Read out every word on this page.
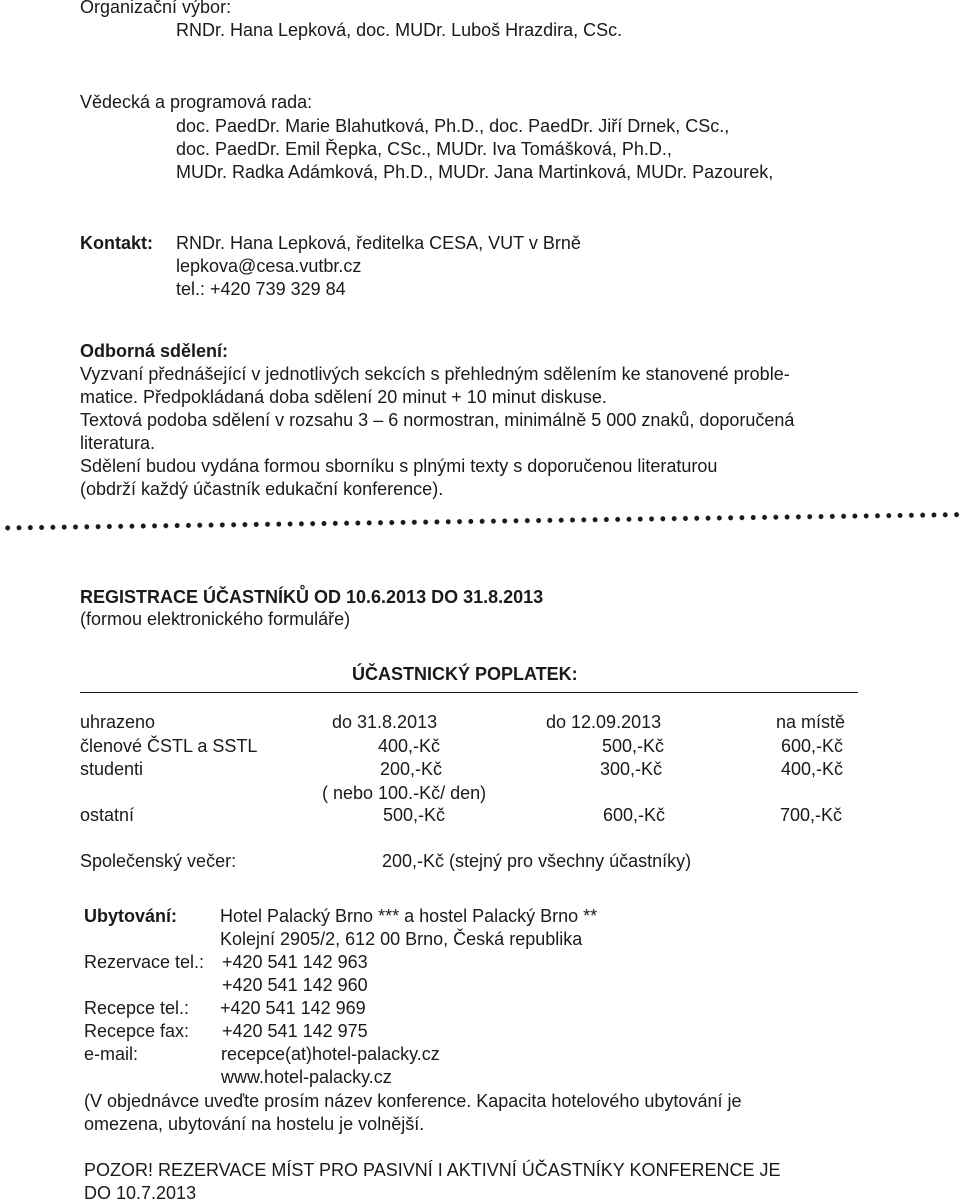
Organizační výbor:
RNDr. Hana Lepková, doc. MUDr. Luboš Hrazdira, CSc.
Vědecká a programová rada:
doc. PaedDr. Marie Blahutková, Ph.D., doc. PaedDr. Jiří Drnek, CSc.,
doc. PaedDr. Emil Řepka, CSc., MUDr. Iva Tomášková, Ph.D.,
MUDr. Radka Adámková, Ph.D., MUDr. Jana Martinková, MUDr. Pazourek,
Kontakt: RNDr. Hana Lepková, ředitelka CESA, VUT v Brně
lepkova@cesa.vutbr.cz
tel.: +420 739 329 84
Odborná sdělení:
Vyzvaní přednášející v jednotlivých sekcích s přehledným sdělením ke stanovené proble-
matice. Předpokládaná doba sdělení 20 minut + 10 minut diskuse.
Textová podoba sdělení v rozsahu 3 – 6 normostran, minimálně 5 000 znaků, doporučená
literatura.
Sdělení budou vydána formou sborníku s plnými texty s doporučenou literaturou
(obdrží každý účastník edukační konference).
REGISTRACE ÚČASTNÍKŮ OD 10.6.2013 DO 31.8.2013
(formou elektronického formuláře)
ÚČASTNICKÝ POPLATEK:
uhrazeno	do 31.8.2013	do 12.09.2013	na místě
členové ČSTL a SSTL	400,-Kč	500,-Kč	600,-Kč
studenti	200,-Kč	300,-Kč	400,-Kč
( nebo 100.-Kč/ den)
ostatní	500,-Kč	600,-Kč	700,-Kč
Společenský večer:	200,-Kč (stejný pro všechny účastníky)
Ubytování: Hotel Palacký Brno *** a hostel Palacký Brno **
Kolejní 2905/2, 612 00 Brno, Česká republika
Rezervace tel.: +420 541 142 963
+420 541 142 960
Recepce tel.: +420 541 142 969
Recepce fax: +420 541 142 975
e-mail:	recepce(at)hotel-palacky.cz
www.hotel-palacky.cz
(V objednávce uveďte prosím název konference. Kapacita hotelového ubytování je
omezena, ubytování na hostelu je volnější.
POZOR! REZERVACE MÍST PRO PASIVNÍ I AKTIVNÍ ÚČASTNÍKY KONFERENCE JE
DO 10.7.2013
